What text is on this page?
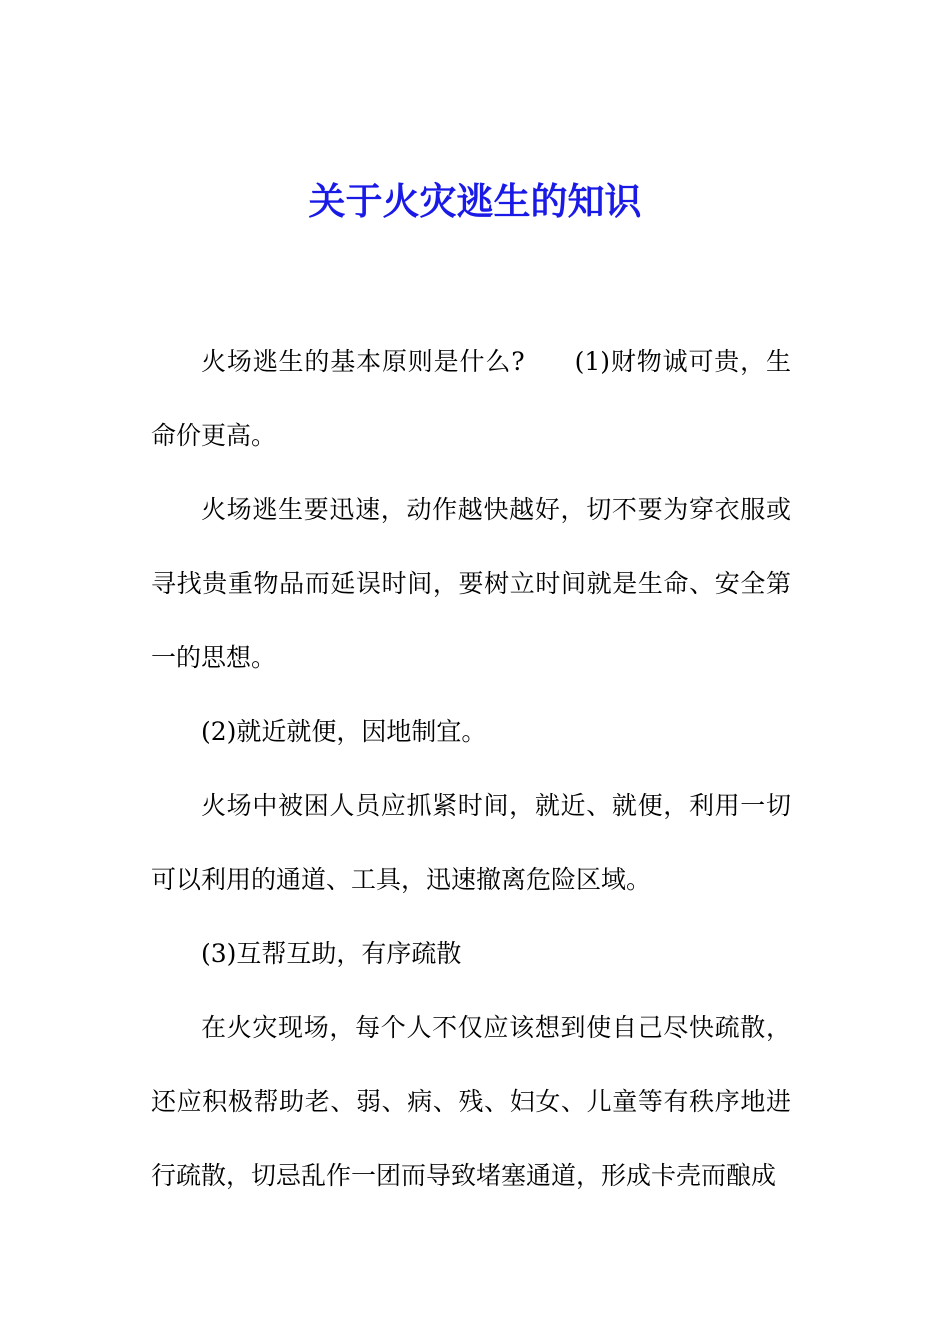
关于火灾逃生的知识

火场逃生的基本原则是什么? (1)财物诚可贵，生命价更高。

火场逃生要迅速，动作越快越好，切不要为穿衣服或寻找贵重物品而延误时间，要树立时间就是生命、安全第一的思想。

(2)就近就便，因地制宜。

火场中被困人员应抓紧时间，就近、就便，利用一切可以利用的通道、工具，迅速撤离危险区域。

(3)互帮互助，有序疏散

在火灾现场，每个人不仅应该想到使自己尽快疏散，还应积极帮助老、弱、病、残、妇女、儿童等有秩序地进行疏散，切忌乱作一团而导致堵塞通道，形成卡壳而酿成
